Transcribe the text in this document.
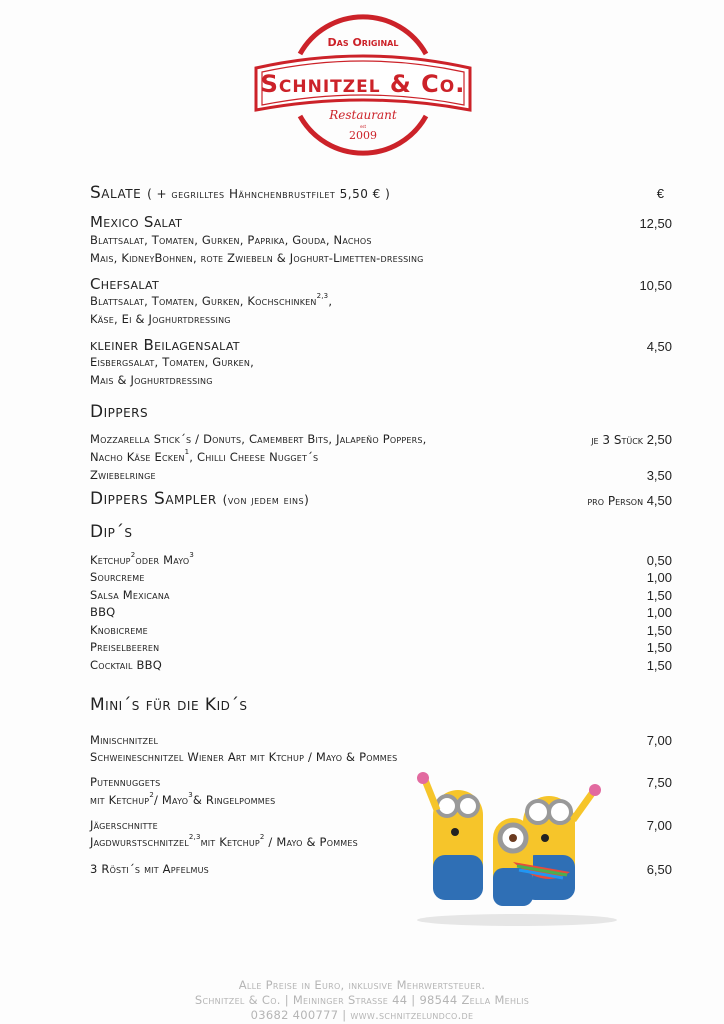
Das Original
Schnitzel & Co.
Restaurant
est
2009
Salate ( + gegrilltes Hähnchenbrustfilet 5,50 € )	€
Mexico Salat	12,50
Blattsalat, Tomaten, Gurken, Paprika, Gouda, Nachos
Mais, KidneyBohnen, rote Zwiebeln & Joghurt-Limetten-dressing
Chefsalat	10,50
Blattsalat, Tomaten, Gurken, Kochschinken$^{2,3}$,
Käse, Ei & Joghurtdressing
kleiner Beilagensalat	4,50
Eisbergsalat, Tomaten, Gurken,
Mais & Joghurtdressing
Dippers
Mozzarella Stick´s / Donuts, Camembert Bits, Jalapeño Poppers,	je 3 Stück 2,50
Nacho Käse Ecken$^1$, Chilli Cheese Nugget´s
Zwiebelringe	3,50
Dippers Sampler (von jedem eins)	pro Person 4,50
Dip´s
Ketchup$^2$oder Mayo$^3$	0,50
Sourcreme	1,00
Salsa Mexicana	1,50
BBQ	1,00
Knobicreme	1,50
Preiselbeeren	1,50
Cocktail BBQ	1,50
Mini´s für die Kid´s
Minischnitzel	7,00
Schweineschnitzel Wiener Art mit Ktchup / Mayo & Pommes
Putennuggets	7,50
mit Ketchup$^2$/ Mayo$^3$& Ringelpommes
Jägerschnitte	7,00
Jagdwurstschnitzel$^{2,3}$mit Ketchup$^2$ / Mayo & Pommes
3 Rösti´s mit Apfelmus	6,50
Alle Preise in Euro, inklusive Mehrwertsteuer.
Schnitzel & Co. | Meininger Strasse 44 | 98544 Zella Mehlis
03682 400777 | www.schnitzelundco.de
